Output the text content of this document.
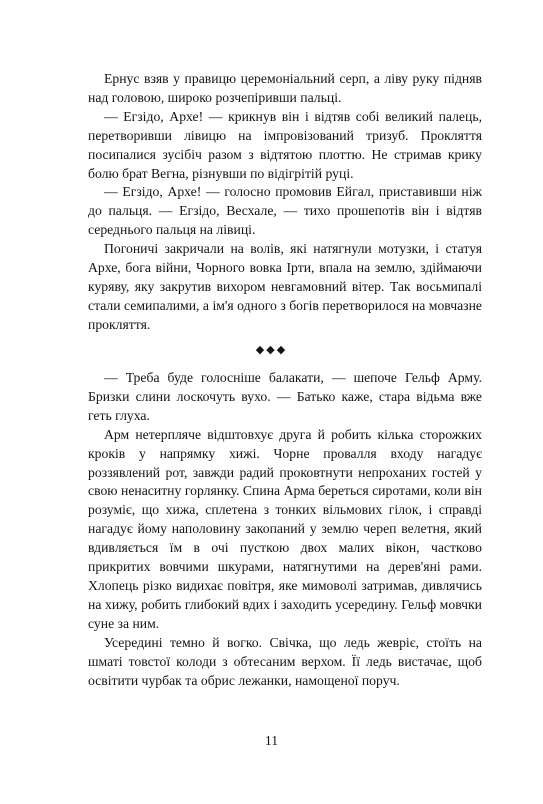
Ернус взяв у правицю церемоніальний серп, а ліву руку підняв над головою, широко розчепіривши пальці.

— Егзідо, Архе! — крикнув він і відтяв собі великий палець, перетворивши лівицю на імпровізований тризуб. Прокляття посипалися зусібіч разом з відтятою плоттю. Не стримав крику болю брат Вегна, різнувши по відігрітій руці.

— Егзідо, Архе! — голосно промовив Ейгал, приставивши ніж до пальця. — Егзідо, Весхале, — тихо прошепотів він і відтяв середнього пальця на лівиці.

Погоничі закричали на волів, які натягнули мотузки, і статуя Архе, бога війни, Чорного вовка Ірти, впала на землю, здіймаючи куряву, яку закрутив вихором невгамовний вітер. Так восьмипалі стали семипалими, а ім'я одного з богів перетворилося на мовчазне прокляття.

◆◆◆

— Треба буде голосніше балакати, — шепоче Гельф Арму. Бризки слини лоскочуть вухо. — Батько каже, стара відьма вже геть глуха.

Арм нетерпляче відштовхує друга й робить кілька сторожких кроків у напрямку хижі. Чорне провалля входу нагадує роззявлений рот, завжди радий проковтнути непроханих гостей у свою ненаситну горлянку. Спина Арма береться сиротами, коли він розуміє, що хижа, сплетена з тонких вільмових гілок, і справді нагадує йому наполовину закопаний у землю череп велетня, який вдивляється їм в очі пусткою двох малих вікон, частково прикритих вовчими шкурами, натягнутими на дерев'яні рами. Хлопець різко видихає повітря, яке мимоволі затримав, дивлячись на хижу, робить глибокий вдих і заходить усередину. Гельф мовчки суне за ним.

Усередині темно й вогко. Свічка, що ледь жевріє, стоїть на шматі товстої колоди з обтесаним верхом. Її ледь вистачає, щоб освітити чурбак та обрис лежанки, намощеної поруч.

11
